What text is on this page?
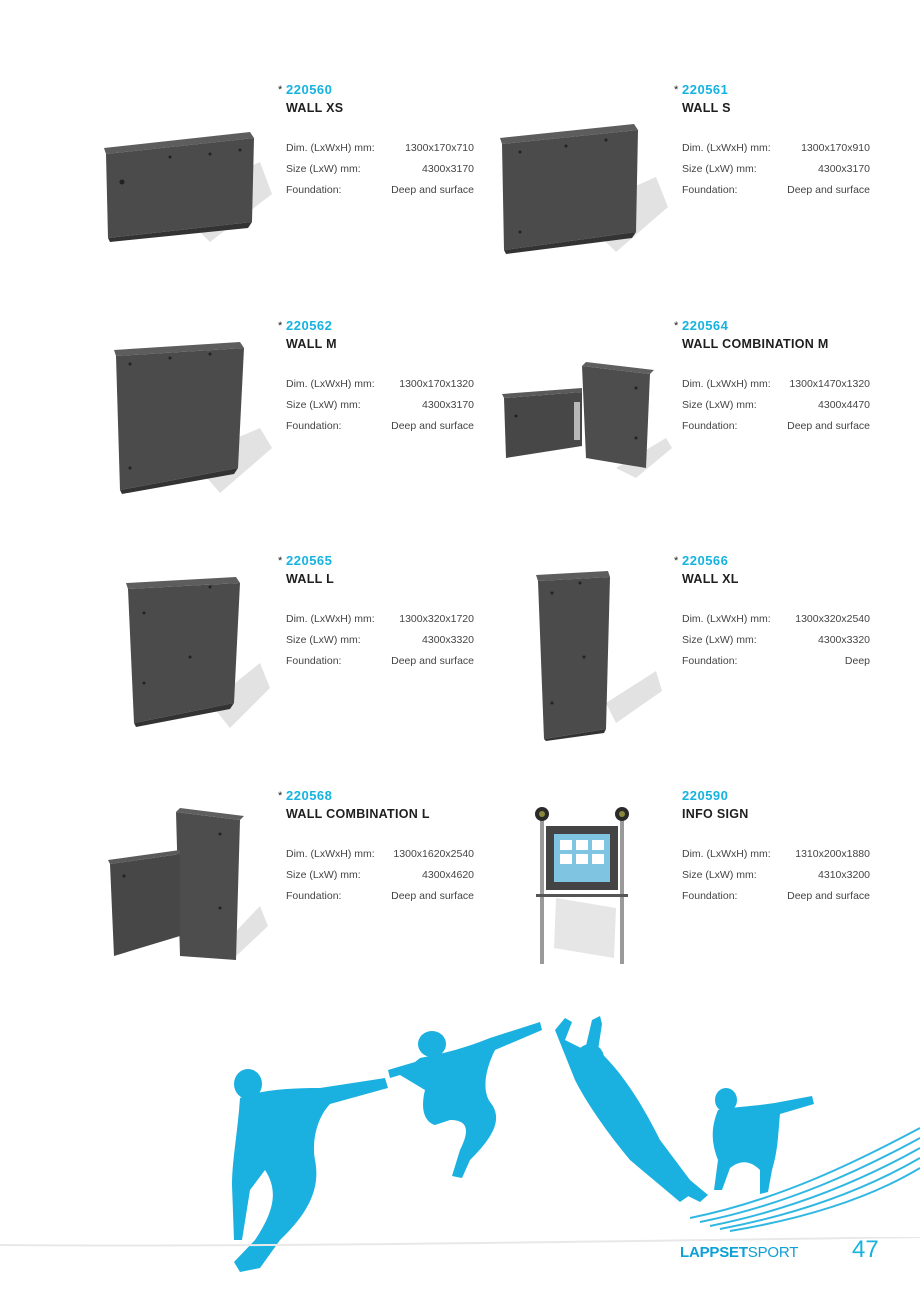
* 220560
WALL XS
Dim. (LxWxH) mm:	1300x170x710
Size (LxW) mm:	4300x3170
Foundation:	Deep and surface
* 220561
WALL S
Dim. (LxWxH) mm:	1300x170x910
Size (LxW) mm:	4300x3170
Foundation:	Deep and surface
* 220562
WALL M
Dim. (LxWxH) mm: 1300x170x1320
Size (LxW) mm:	4300x3170
Foundation:	Deep and surface
* 220564
WALL COMBINATION M
Dim. (LxWxH) mm: 1300x1470x1320
Size (LxW) mm:	4300x4470
Foundation:	Deep and surface
* 220565
WALL L
Dim. (LxWxH) mm: 1300x320x1720
Size (LxW) mm:	4300x3320
Foundation:	Deep and surface
* 220566
WALL XL
Dim. (LxWxH) mm: 1300x320x2540
Size (LxW) mm:	4300x3320
Foundation:	Deep
* 220568
WALL COMBINATION L
Dim. (LxWxH) mm: 1300x1620x2540
Size (LxW) mm:	4300x4620
Foundation:	Deep and surface
220590
INFO SIGN
Dim. (LxWxH) mm: 1310x200x1880
Size (LxW) mm:	4310x3200
Foundation:	Deep and surface
LAPPSETSPORT 47
